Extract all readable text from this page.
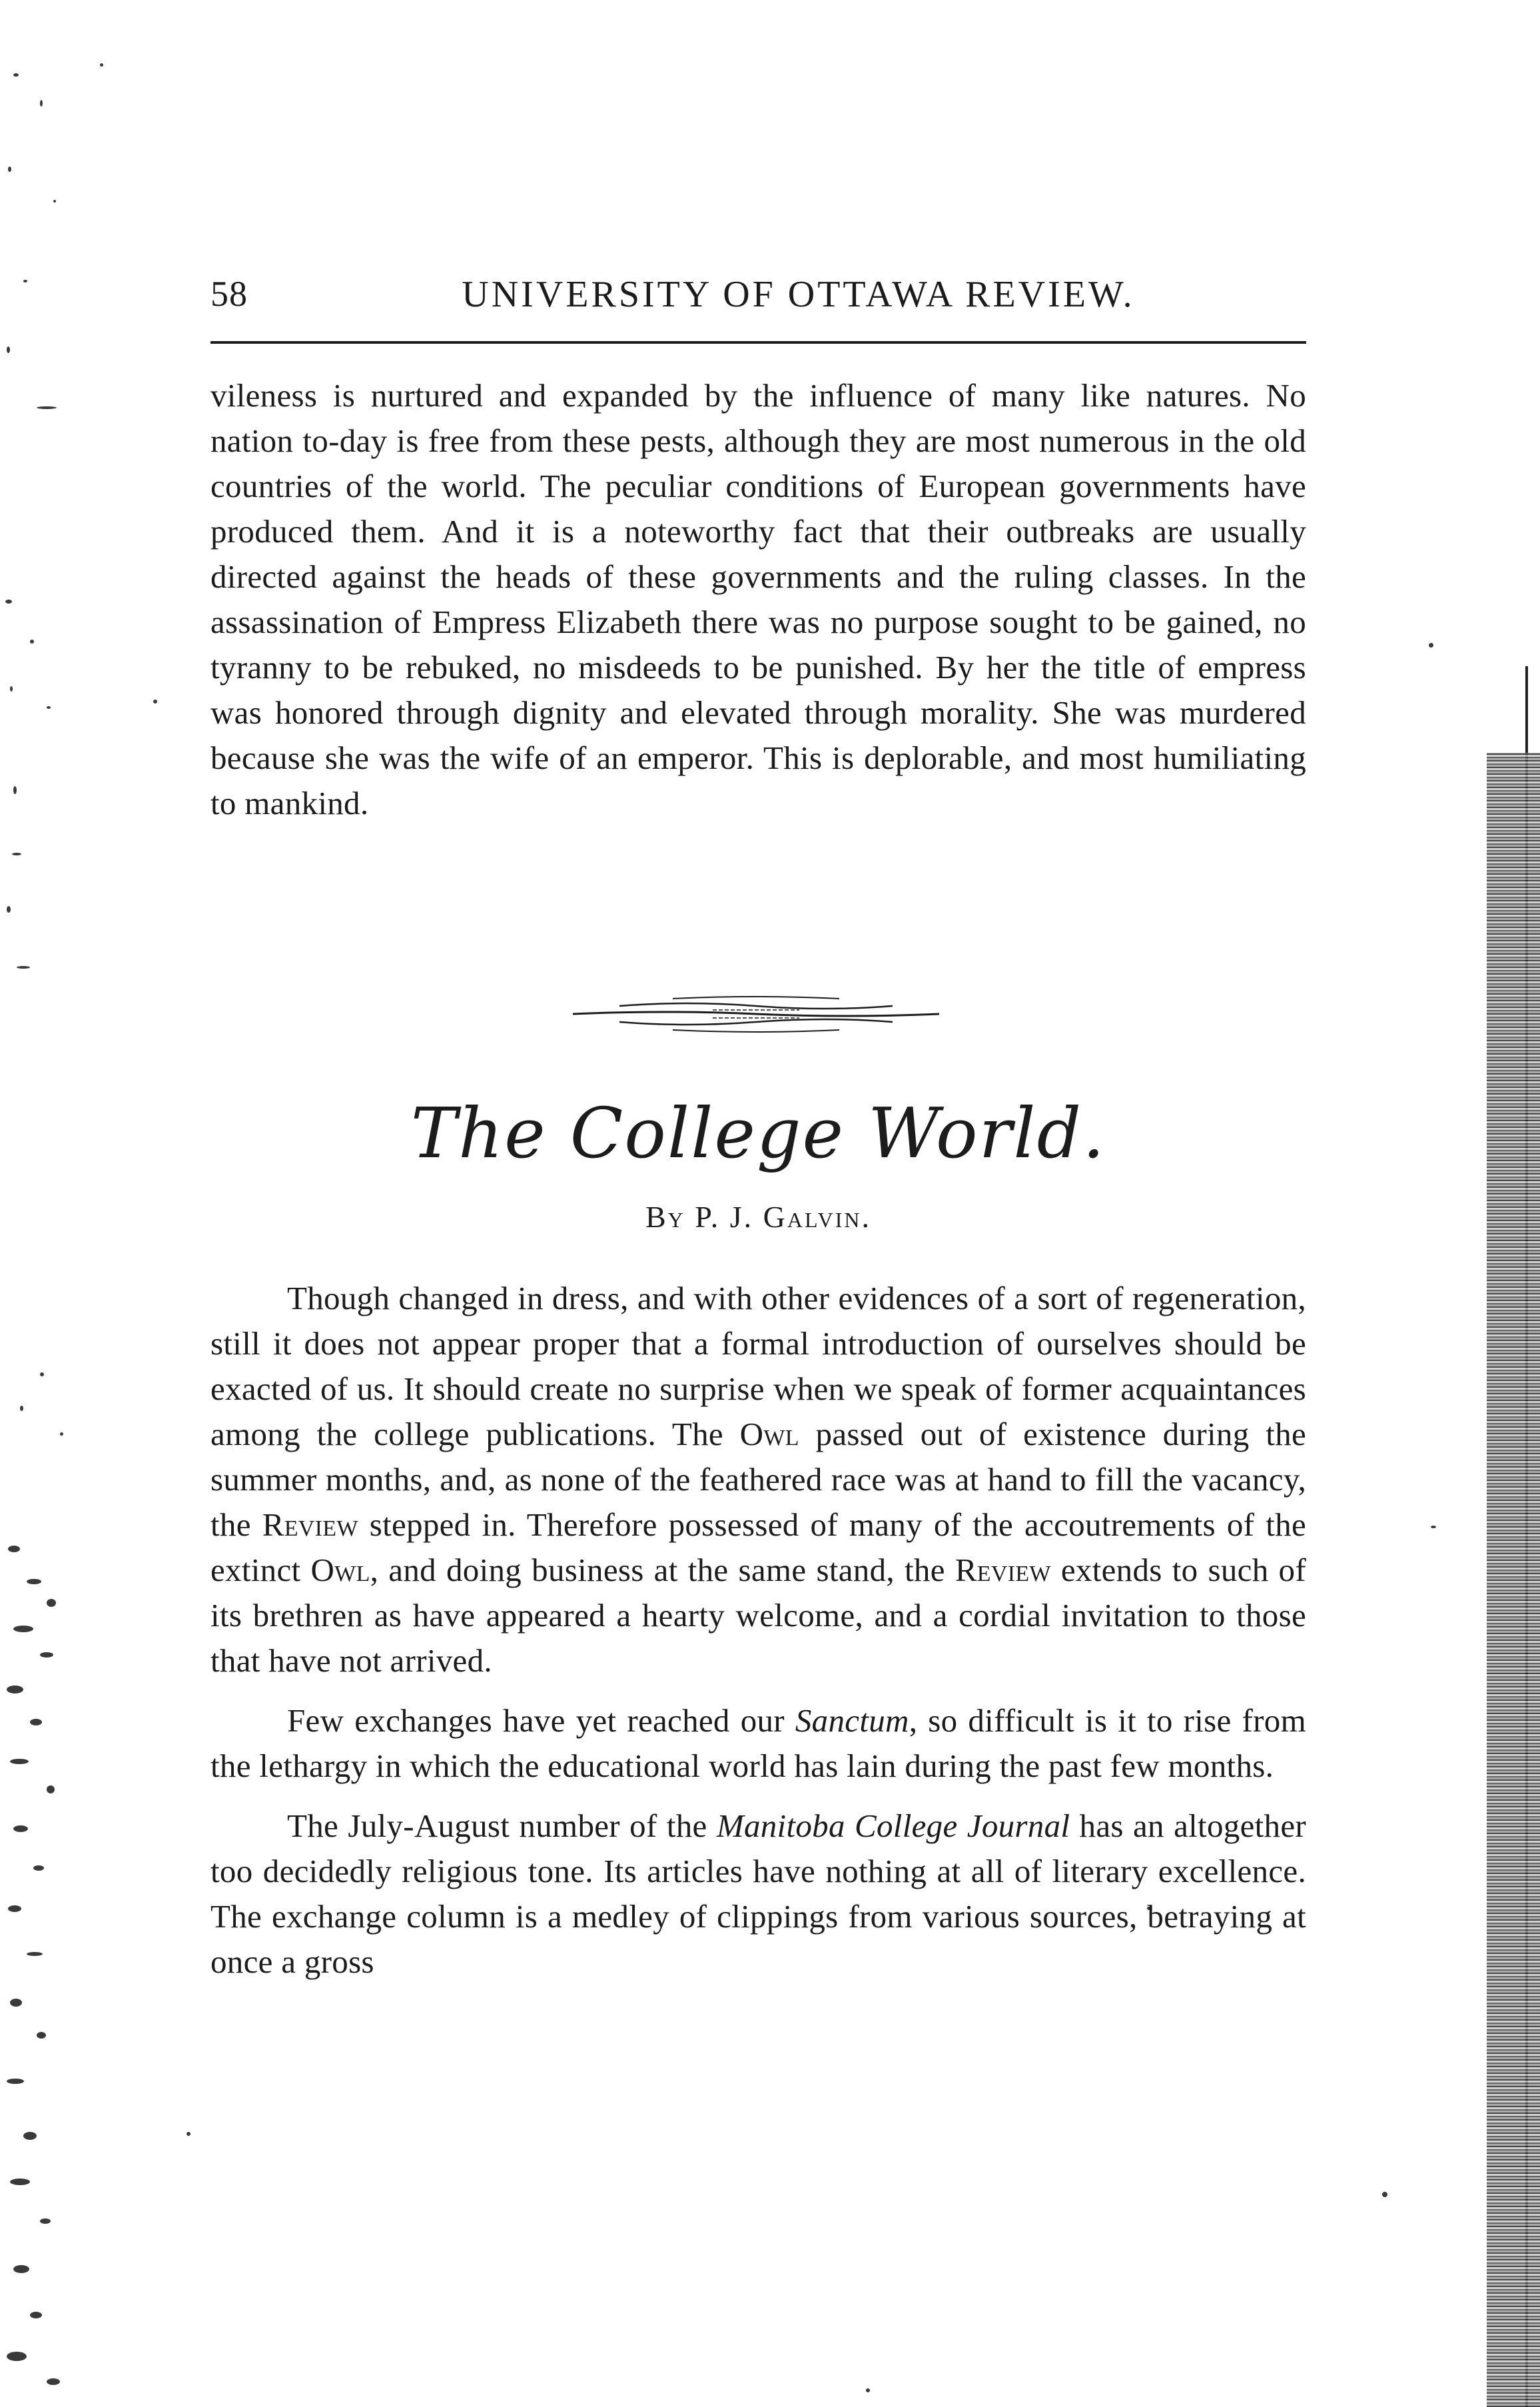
58	UNIVERSITY OF OTTAWA REVIEW.

vileness is nurtured and expanded by the influence of many like natures. No nation to-day is free from these pests, although they are most numerous in the old countries of the world. The peculiar conditions of European governments have produced them. And it is a noteworthy fact that their outbreaks are usually directed against the heads of these governments and the ruling classes. In the assassination of Empress Elizabeth there was no purpose sought to be gained, no tyranny to be rebuked, no misdeeds to be punished. By her the title of empress was honored through dignity and elevated through morality. She was murdered because she was the wife of an emperor. This is deplorable, and most humiliating to mankind.

The College World.
By P. J. Galvin.

Though changed in dress, and with other evidences of a sort of regeneration, still it does not appear proper that a formal introduction of ourselves should be exacted of us. It should create no surprise when we speak of former acquaintances among the college publications. The Owl passed out of existence during the summer months, and, as none of the feathered race was at hand to fill the vacancy, the Review stepped in. Therefore possessed of many of the accoutrements of the extinct Owl, and doing business at the same stand, the Review extends to such of its brethren as have appeared a hearty welcome, and a cordial invitation to those that have not arrived.

Few exchanges have yet reached our Sanctum, so difficult is it to rise from the lethargy in which the educational world has lain during the past few months.

The July-August number of the Manitoba College Journal has an altogether too decidedly religious tone. Its articles have nothing at all of literary excellence. The exchange column is a medley of clippings from various sources, betraying at once a gross
